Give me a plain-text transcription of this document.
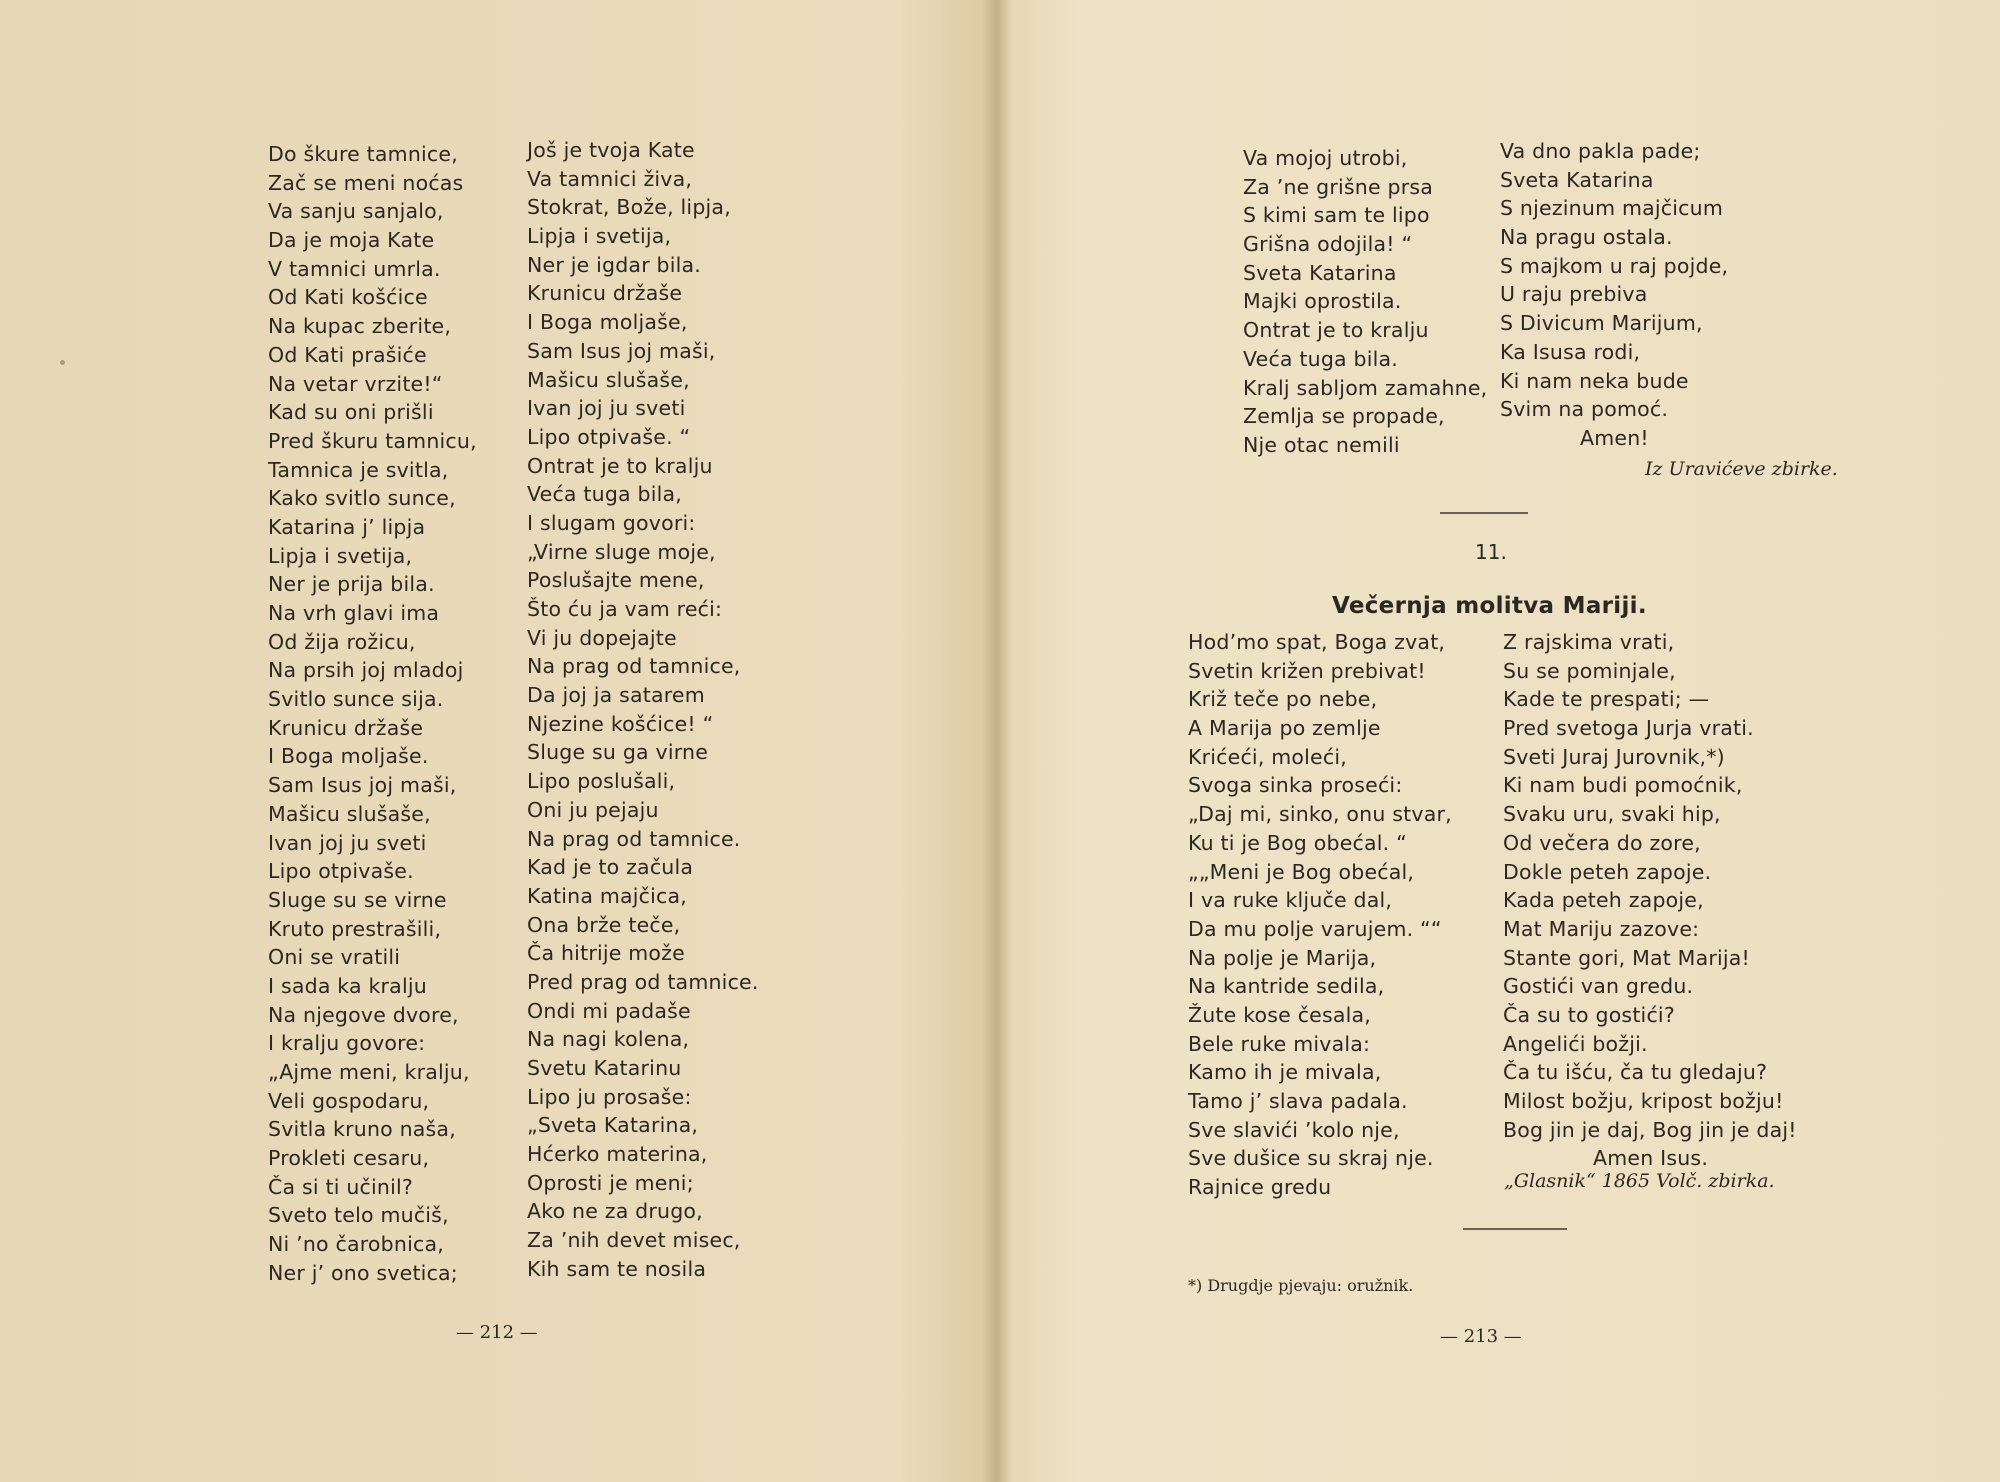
Do škure tamnice,
Zač se meni noćas
Va sanju sanjalo,
Da je moja Kate
V tamnici umrla.
Od Kati košćice
Na kupac zberite,
Od Kati prašiće
Na vetar vrzite!“
Kad su oni prišli
Pred škuru tamnicu,
Tamnica je svitla,
Kako svitlo sunce,
Katarina j’ lipja
Lipja i svetija,
Ner je prija bila.
Na vrh glavi ima
Od žija rožicu,
Na prsih joj mladoj
Svitlo sunce sija.
Krunicu držaše
I Boga moljaše.
Sam Isus joj maši,
Mašicu slušaše,
Ivan joj ju sveti
Lipo otpivaše.
Sluge su se virne
Kruto prestrašili,
Oni se vratili
I sada ka kralju
Na njegove dvore,
I kralju govore:
„Ajme meni, kralju,
Veli gospodaru,
Svitla kruno naša,
Prokleti cesaru,
Ča si ti učinil?
Sveto telo mučiš,
Ni ’no čarobnica,
Ner j’ ono svetica;
Još je tvoja Kate
Va tamnici živa,
Stokrat, Bože, lipja,
Lipja i svetija,
Ner je igdar bila.
Krunicu držaše
I Boga moljaše,
Sam Isus joj maši,
Mašicu slušaše,
Ivan joj ju sveti
Lipo otpivaše. “
Ontrat je to kralju
Veća tuga bila,
I slugam govori:
„Virne sluge moje,
Poslušajte mene,
Što ću ja vam reći:
Vi ju dopejajte
Na prag od tamnice,
Da joj ja satarem
Njezine košćice! “
Sluge su ga virne
Lipo poslušali,
Oni ju pejaju
Na prag od tamnice.
Kad je to začula
Katina majčica,
Ona brže teče,
Ča hitrije može
Pred prag od tamnice.
Ondi mi padaše
Na nagi kolena,
Svetu Katarinu
Lipo ju prosaše:
„Sveta Katarina,
Hćerko materina,
Oprosti je meni;
Ako ne za drugo,
Za ’nih devet misec,
Kih sam te nosila
— 212 —
Va mojoj utrobi,
Za ’ne grišne prsa
S kimi sam te lipo
Grišna odojila! “
Sveta Katarina
Majki oprostila.
Ontrat je to kralju
Veća tuga bila.
Kralj sabljom zamahne,
Zemlja se propade,
Nje otac nemili
Va dno pakla pade;
Sveta Katarina
S njezinum majčicum
Na pragu ostala.
S majkom u raj pojde,
U raju prebiva
S Divicum Marijum,
Ka Isusa rodi,
Ki nam neka bude
Svim na pomoć.
Amen!
Iz Uravićeve zbirke.
11.
Večernja molitva Mariji.
Hod’mo spat, Boga zvat,
Svetin križen prebivat!
Križ teče po nebe,
A Marija po zemlje
Krićeći, moleći,
Svoga sinka proseći:
„Daj mi, sinko, onu stvar,
Ku ti je Bog obećal. “
„„Meni je Bog obećal,
I va ruke ključe dal,
Da mu polje varujem. ““
Na polje je Marija,
Na kantride sedila,
Žute kose česala,
Bele ruke mivala:
Kamo ih je mivala,
Tamo j’ slava padala.
Sve slavići ’kolo nje,
Sve dušice su skraj nje.
Rajnice gredu
Z rajskima vrati,
Su se pominjale,
Kade te prespati; —
Pred svetoga Jurja vrati.
Sveti Juraj Jurovnik,*)
Ki nam budi pomoćnik,
Svaku uru, svaki hip,
Od večera do zore,
Dokle peteh zapoje.
Kada peteh zapoje,
Mat Mariju zazove:
Stante gori, Mat Marija!
Gostići van gredu.
Ča su to gostići?
Angelići božji.
Ča tu išću, ča tu gledaju?
Milost božju, kripost božju!
Bog jin je daj, Bog jin je daj!
Amen Isus.
„Glasnik“ 1865 Volč. zbirka.
*) Drugdje pjevaju: oružnik.
— 213 —
